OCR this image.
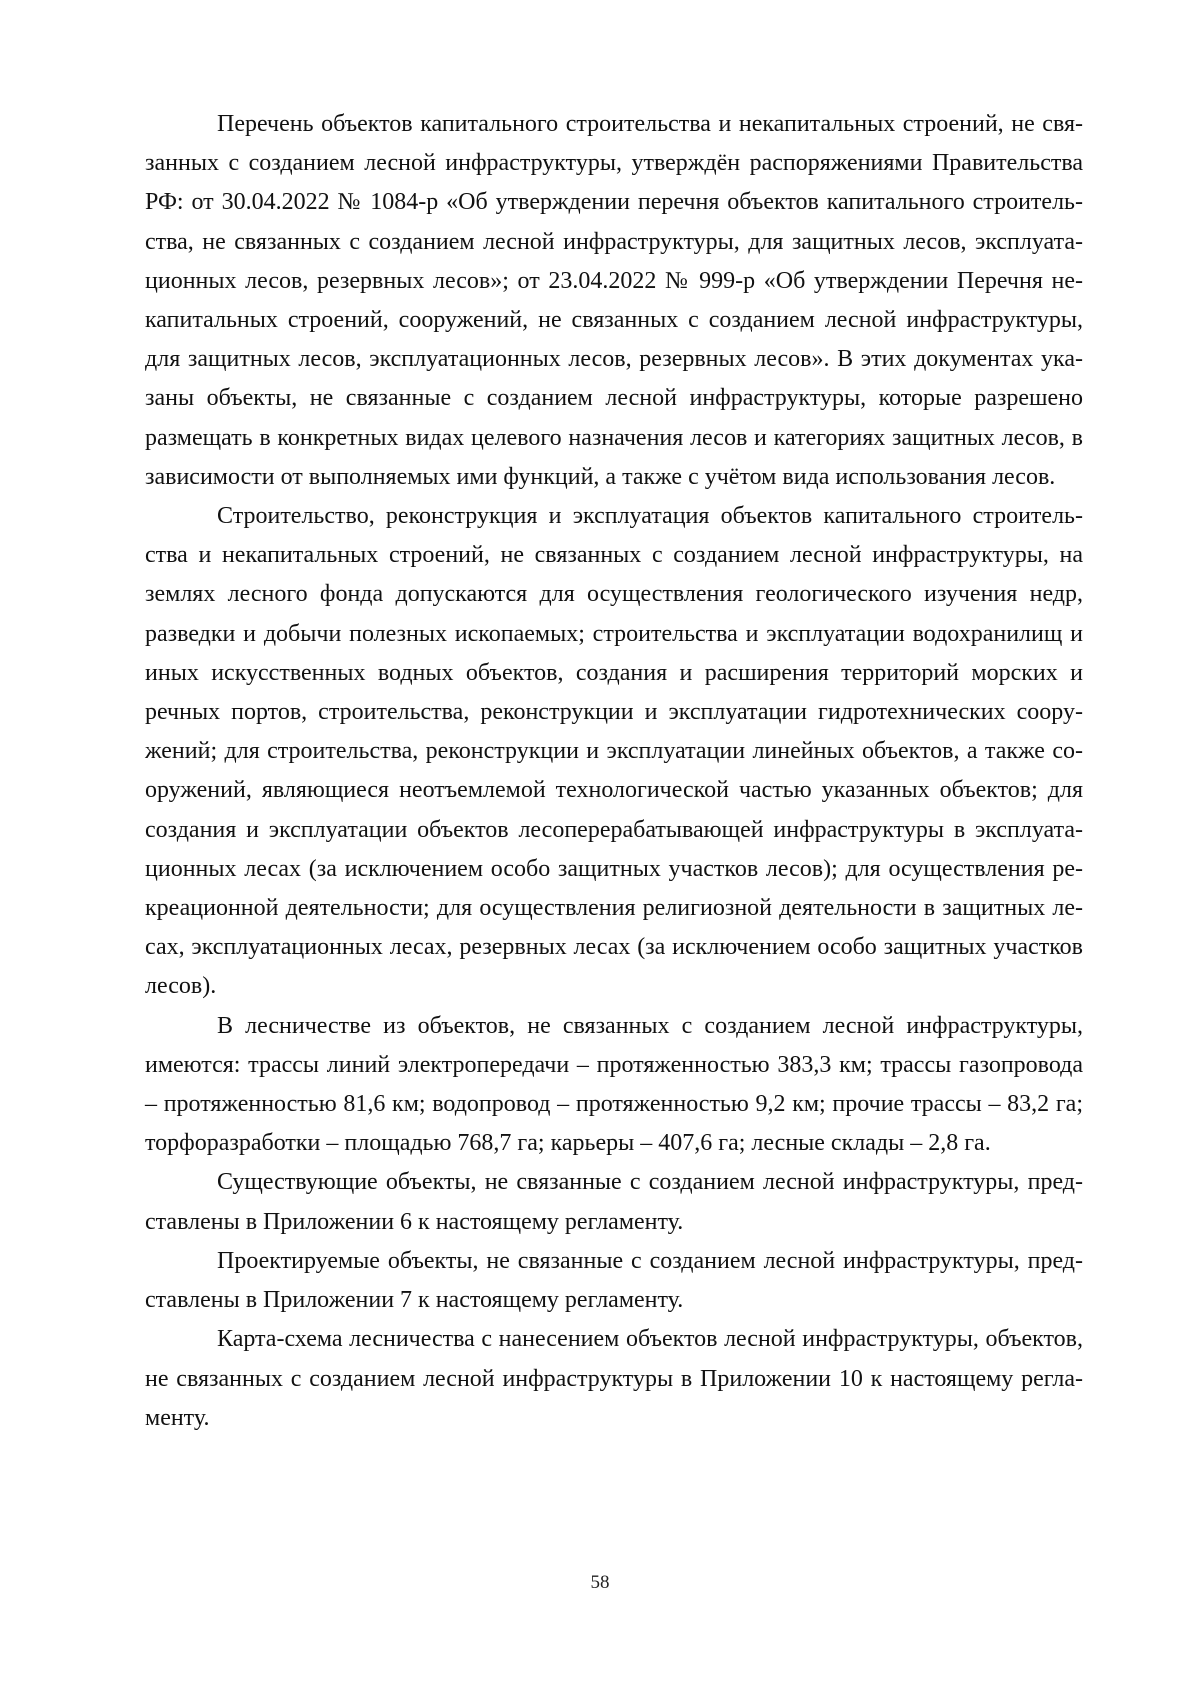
Перечень объектов капитального строительства и некапитальных строений, не связанных с созданием лесной инфраструктуры, утверждён распоряжениями Правительства РФ: от 30.04.2022 № 1084-р «Об утверждении перечня объектов капитального строительства, не связанных с созданием лесной инфраструктуры, для защитных лесов, эксплуатационных лесов, резервных лесов»; от 23.04.2022 № 999-р «Об утверждении Перечня некапитальных строений, сооружений, не связанных с созданием лесной инфраструктуры, для защитных лесов, эксплуатационных лесов, резервных лесов». В этих документах указаны объекты, не связанные с созданием лесной инфраструктуры, которые разрешено размещать в конкретных видах целевого назначения лесов и категориях защитных лесов, в зависимости от выполняемых ими функций, а также с учётом вида использования лесов.

Строительство, реконструкция и эксплуатация объектов капитального строительства и некапитальных строений, не связанных с созданием лесной инфраструктуры, на землях лесного фонда допускаются для осуществления геологического изучения недр, разведки и добычи полезных ископаемых; строительства и эксплуатации водохранилищ и иных искусственных водных объектов, создания и расширения территорий морских и речных портов, строительства, реконструкции и эксплуатации гидротехнических сооружений; для строительства, реконструкции и эксплуатации линейных объектов, а также сооружений, являющиеся неотъемлемой технологической частью указанных объектов; для создания и эксплуатации объектов лесоперерабатывающей инфраструктуры в эксплуатационных лесах (за исключением особо защитных участков лесов); для осуществления рекреационной деятельности; для осуществления религиозной деятельности в защитных лесах, эксплуатационных лесах, резервных лесах (за исключением особо защитных участков лесов).

В лесничестве из объектов, не связанных с созданием лесной инфраструктуры, имеются: трассы линий электропередачи – протяженностью 383,3 км; трассы газопровода – протяженностью 81,6 км; водопровод – протяженностью 9,2 км; прочие трассы – 83,2 га; торфоразработки – площадью 768,7 га; карьеры – 407,6 га; лесные склады – 2,8 га.

Существующие объекты, не связанные с созданием лесной инфраструктуры, представлены в Приложении 6 к настоящему регламенту.

Проектируемые объекты, не связанные с созданием лесной инфраструктуры, представлены в Приложении 7 к настоящему регламенту.

Карта-схема лесничества с нанесением объектов лесной инфраструктуры, объектов, не связанных с созданием лесной инфраструктуры в Приложении 10 к настоящему регламенту.

58
